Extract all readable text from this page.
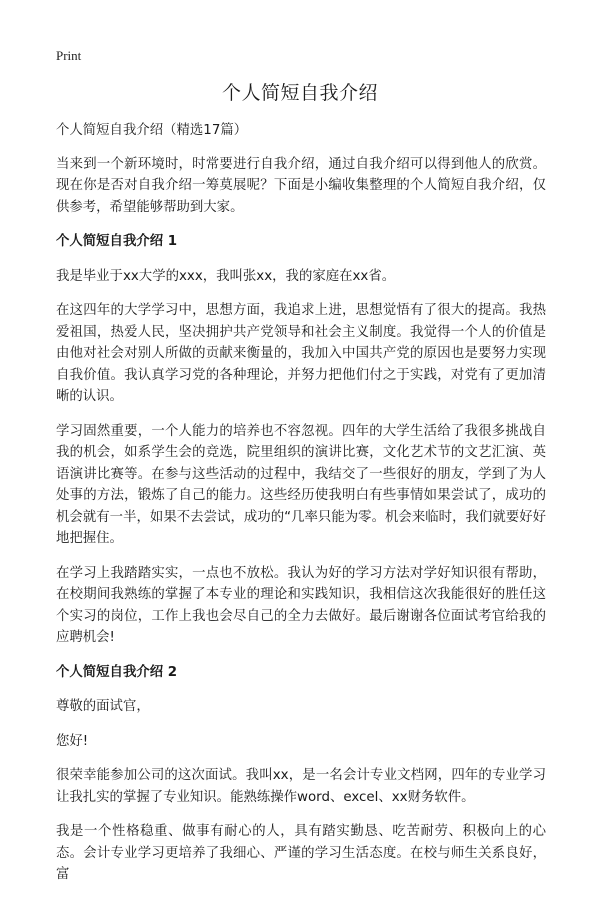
Print
个人简短自我介绍

个人简短自我介绍（精选17篇）

当来到一个新环境时，时常要进行自我介绍，通过自我介绍可以得到他人的欣赏。现在你是否对自我介绍一筹莫展呢？下面是小编收集整理的个人简短自我介绍，仅供参考，希望能够帮助到大家。

个人简短自我介绍 1

我是毕业于xx大学的xxx，我叫张xx，我的家庭在xx省。

在这四年的大学学习中，思想方面，我追求上进，思想觉悟有了很大的提高。我热爱祖国，热爱人民，坚决拥护共产党领导和社会主义制度。我觉得一个人的价值是由他对社会对别人所做的贡献来衡量的，我加入中国共产党的原因也是要努力实现自我价值。我认真学习党的各种理论，并努力把他们付之于实践，对党有了更加清晰的认识。

学习固然重要，一个人能力的培养也不容忽视。四年的大学生活给了我很多挑战自我的机会，如系学生会的竞选，院里组织的演讲比赛，文化艺术节的文艺汇演、英语演讲比赛等。在参与这些活动的过程中，我结交了一些很好的朋友，学到了为人处事的方法，锻炼了自己的能力。这些经历使我明白有些事情如果尝试了，成功的机会就有一半，如果不去尝试，成功的“几率只能为零。机会来临时，我们就要好好地把握住。

在学习上我踏踏实实，一点也不放松。我认为好的学习方法对学好知识很有帮助，在校期间我熟练的掌握了本专业的理论和实践知识，我相信这次我能很好的胜任这个实习的岗位，工作上我也会尽自己的全力去做好。最后谢谢各位面试考官给我的应聘机会!

个人简短自我介绍 2

尊敬的面试官，

您好!

很荣幸能参加公司的这次面试。我叫xx，是一名会计专业文档网，四年的专业学习让我扎实的掌握了专业知识。能熟练操作word、excel、xx财务软件。

我是一个性格稳重、做事有耐心的人，具有踏实勤恳、吃苦耐劳、积极向上的心态。会计专业学习更培养了我细心、严谨的学习生活态度。在校与师生关系良好，富
